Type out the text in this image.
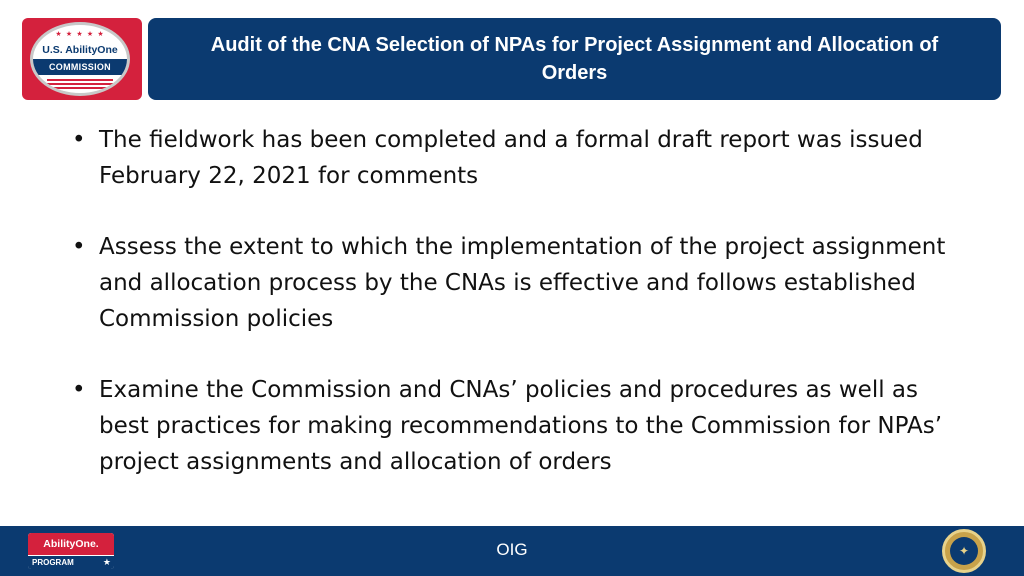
★ ★ ★ ★ ★
U.S. AbilityOne
COMMISSION
Audit of the CNA Selection of NPAs for Project Assignment and Allocation of Orders
• The fieldwork has been completed and a formal draft report was issued February 22, 2021 for comments
• Assess the extent to which the implementation of the project assignment and allocation process by the CNAs is effective and follows established Commission policies
• Examine the Commission and CNAs’ policies and procedures as well as best practices for making recommendations to the Commission for NPAs’ project assignments and allocation of orders
AbilityOne.
PROGRAM	★
OIG	✦
